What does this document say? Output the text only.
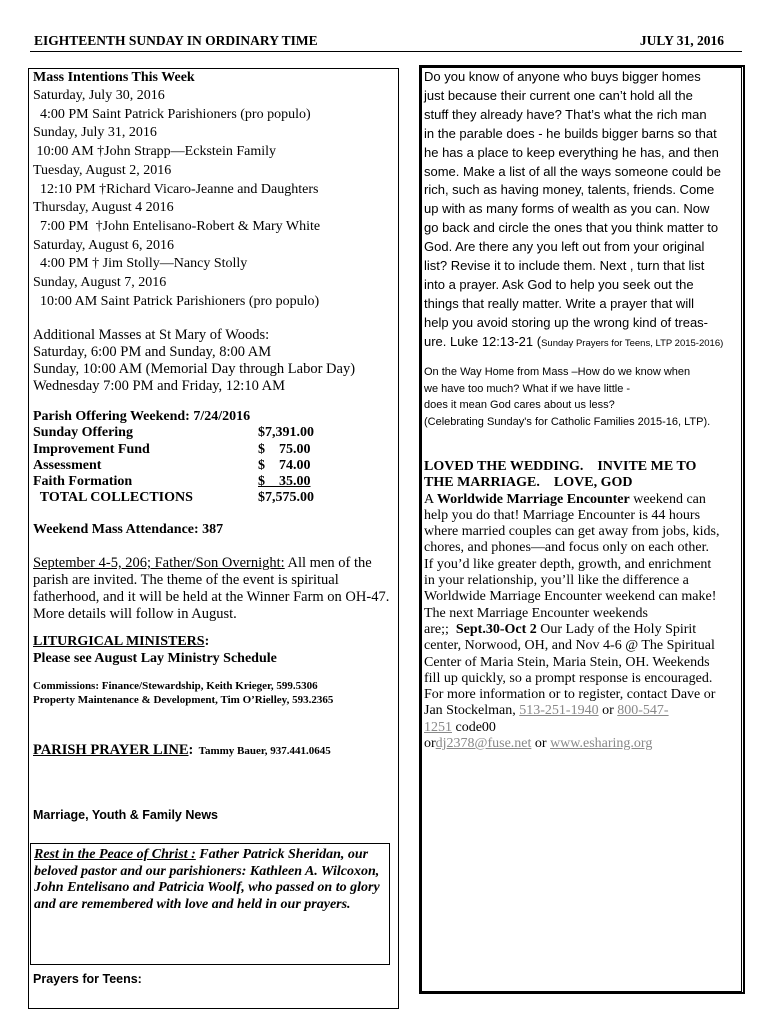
EIGHTEENTH SUNDAY IN ORDINARY TIME	JULY 31, 2016
Mass Intentions This Week
Saturday, July 30, 2016
4:00 PM Saint Patrick Parishioners (pro populo)
Sunday, July 31, 2016
10:00 AM †John Strapp—Eckstein Family
Tuesday, August 2, 2016
12:10 PM †Richard Vicaro-Jeanne and Daughters
Thursday, August 4 2016
7:00 PM  †John Entelisano-Robert & Mary White
Saturday, August 6, 2016
4:00 PM † Jim Stolly—Nancy Stolly
Sunday, August 7, 2016
10:00 AM Saint Patrick Parishioners (pro populo)
Additional Masses at St Mary of Woods:
Saturday, 6:00 PM and Sunday, 8:00 AM
Sunday, 10:00 AM (Memorial Day through Labor Day)
Wednesday 7:00 PM and Friday, 12:10 AM
Parish Offering Weekend: 7/24/2016
Sunday Offering	$7,391.00
Improvement Fund	$    75.00
Assessment	$    74.00
Faith Formation	$    35.00
TOTAL COLLECTIONS	$7,575.00
Weekend Mass Attendance: 387
September 4-5, 206; Father/Son Overnight: All men of the parish are invited. The theme of the event is spiritual fatherhood, and it will be held at the Winner Farm on OH-47. More details will follow in August.
LITURGICAL MINISTERS:
Please see August Lay Ministry Schedule
Commissions: Finance/Stewardship, Keith Krieger, 599.5306
Property Maintenance & Development, Tim O’Rielley, 593.2365
PARISH PRAYER LINE:  Tammy Bauer, 937.441.0645
Marriage, Youth & Family News
Rest in the Peace of Christ : Father Patrick Sheridan, our beloved pastor and our parishioners: Kathleen A. Wilcoxon, John Entelisano and Patricia Woolf, who passed on to glory and are remembered with love and held in our prayers.
Prayers for Teens:
Do you know of anyone who buys bigger homes
just because their current one can’t hold all the
stuff they already have? That’s what the rich man
in the parable does - he builds bigger barns so that
he has a place to keep everything he has, and then
some. Make a list of all the ways someone could be
rich, such as having money, talents, friends. Come
up with as many forms of wealth as you can. Now
go back and circle the ones that you think matter to
God. Are there any you left out from your original
list? Revise it to include them. Next , turn that list
into a prayer. Ask God to help you seek out the
things that really matter. Write a prayer that will
help you avoid storing up the wrong kind of treas-
ure. Luke 12:13-21 (Sunday Prayers for Teens, LTP 2015-2016)
On the Way Home from Mass –How do we know when
we have too much? What if we have little -
does it mean God cares about us less?
(Celebrating Sunday's for Catholic Families 2015-16, LTP).
LOVED THE WEDDING.    INVITE ME TO
THE MARRIAGE.    LOVE, GOD
A Worldwide Marriage Encounter weekend can
help you do that! Marriage Encounter is 44 hours
where married couples can get away from jobs, kids,
chores, and phones—and focus only on each other.
If you’d like greater depth, growth, and enrichment
in your relationship, you’ll like the difference a
Worldwide Marriage Encounter weekend can make!
The next Marriage Encounter weekends
are;;  Sept.30-Oct 2 Our Lady of the Holy Spirit
center, Norwood, OH, and Nov 4-6 @ The Spiritual
Center of Maria Stein, Maria Stein, OH. Weekends
fill up quickly, so a prompt response is encouraged.
For more information or to register, contact Dave or
Jan Stockelman, 513-251-1940 or 800-547-
1251 code00
ordj2378@fuse.net or www.esharing.org
